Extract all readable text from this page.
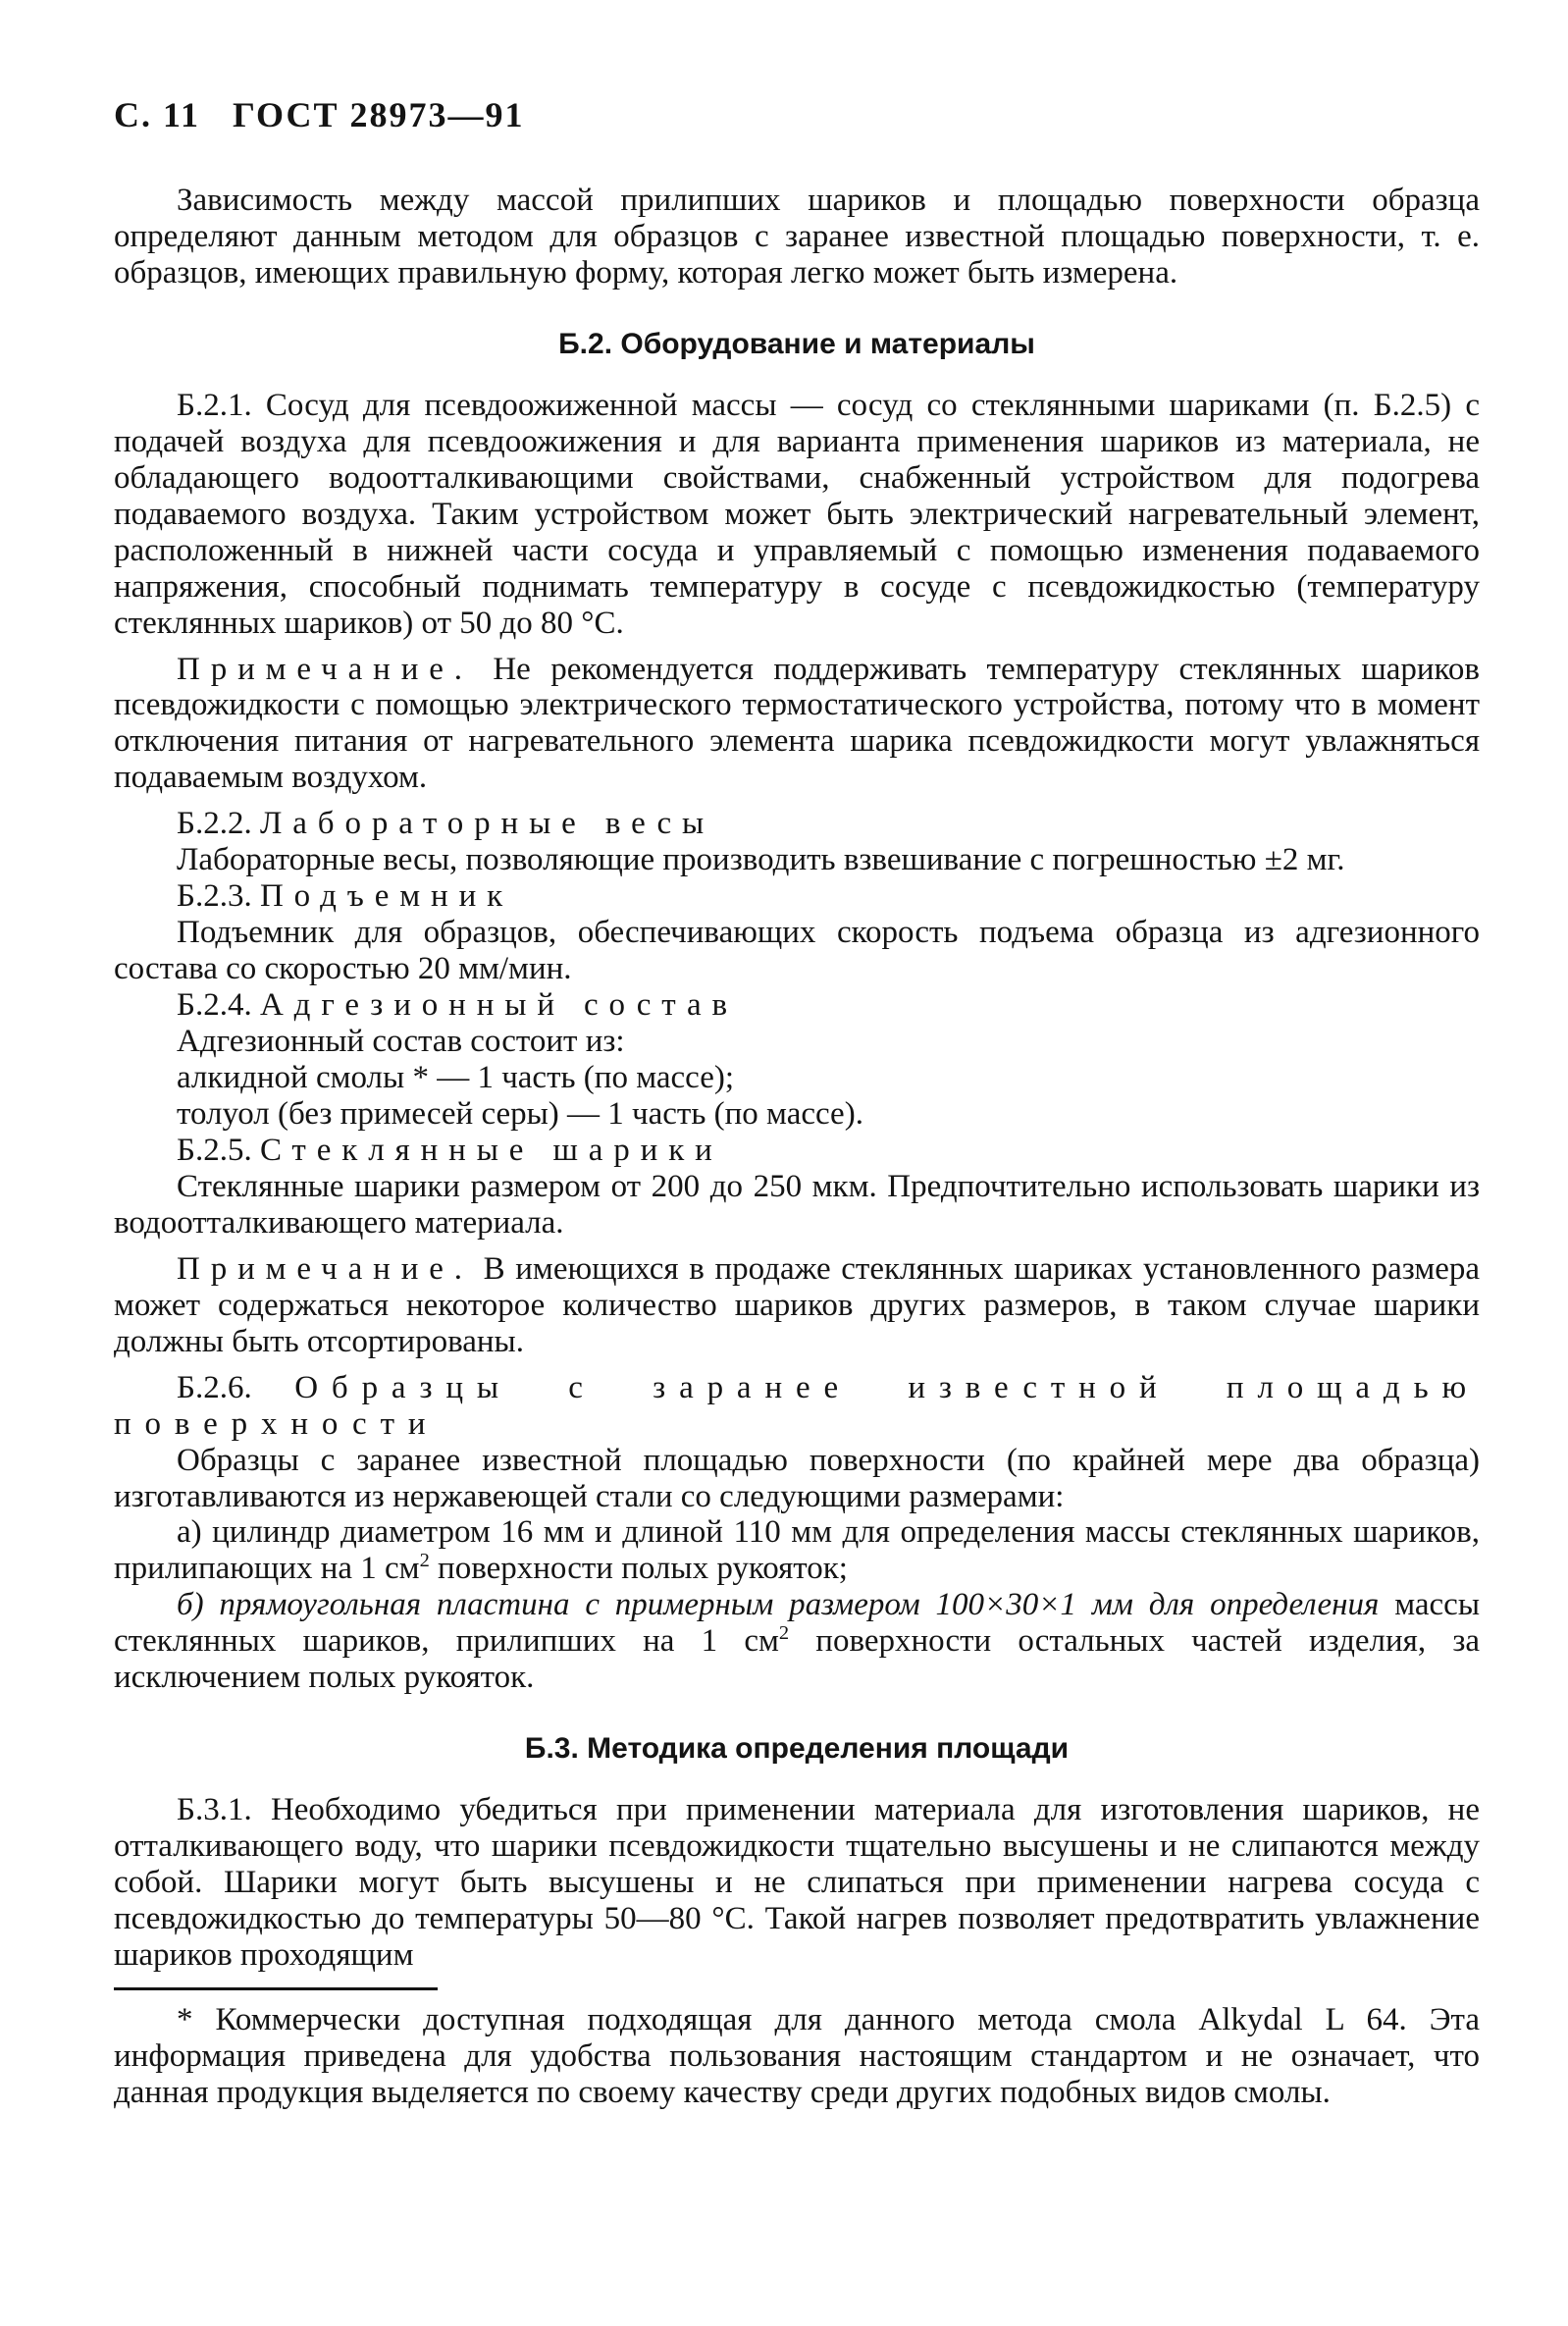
С. 11 ГОСТ 28973—91

Зависимость между массой прилипших шариков и площадью поверхности образца определяют данным методом для образцов с заранее известной площадью поверхности, т. е. образцов, имеющих правильную форму, которая легко может быть измерена.

Б.2. Оборудование и материалы

Б.2.1. Сосуд для псевдоожиженной массы — сосуд со стеклянными шариками (п. Б.2.5) с подачей воздуха для псевдоожижения и для варианта применения шариков из материала, не обладающего водоотталкивающими свойствами, снабженный устройством для подогрева подаваемого воздуха. Таким устройством может быть электрический нагревательный элемент, расположенный в нижней части сосуда и управляемый с помощью изменения подаваемого напряжения, способный поднимать температуру в сосуде с псевдожидкостью (температуру стеклянных шариков) от 50 до 80 °С.

Примечание. Не рекомендуется поддерживать температуру стеклянных шариков псевдожидкости с помощью электрического термостатического устройства, потому что в момент отключения питания от нагревательного элемента шарика псевдожидкости могут увлажняться подаваемым воздухом.

Б.2.2. Лабораторные весы

Лабораторные весы, позволяющие производить взвешивание с погрешностью ±2 мг.

Б.2.3. Подъемник

Подъемник для образцов, обеспечивающих скорость подъема образца из адгезионного состава со скоростью 20 мм/мин.

Б.2.4. Адгезионный состав

Адгезионный состав состоит из:

алкидной смолы * — 1 часть (по массе);

толуол (без примесей серы) — 1 часть (по массе).

Б.2.5. Стеклянные шарики

Стеклянные шарики размером от 200 до 250 мкм. Предпочтительно использовать шарики из водоотталкивающего материала.

Примечание. В имеющихся в продаже стеклянных шариках установленного размера может содержаться некоторое количество шариков других размеров, в таком случае шарики должны быть отсортированы.

Б.2.6. Образцы с заранее известной площадью поверхности

Образцы с заранее известной площадью поверхности (по крайней мере два образца) изготавливаются из нержавеющей стали со следующими размерами:

а) цилиндр диаметром 16 мм и длиной 110 мм для определения массы стеклянных шариков, прилипающих на 1 $см^2$ поверхности полых рукояток;

б) прямоугольная пластина с примерным размером 100×30×1 мм для определения массы стеклянных шариков, прилипших на 1 $см^2$ поверхности остальных частей изделия, за исключением полых рукояток.

Б.3. Методика определения площади

Б.3.1. Необходимо убедиться при применении материала для изготовления шариков, не отталкивающего воду, что шарики псевдожидкости тщательно высушены и не слипаются между собой. Шарики могут быть высушены и не слипаться при применении нагрева сосуда с псевдожидкостью до температуры 50—80 °С. Такой нагрев позволяет предотвратить увлажнение шариков проходящим

* Коммерчески доступная подходящая для данного метода смола Alkydal L 64. Эта информация приведена для удобства пользования настоящим стандартом и не означает, что данная продукция выделяется по своему качеству среди других подобных видов смолы.
